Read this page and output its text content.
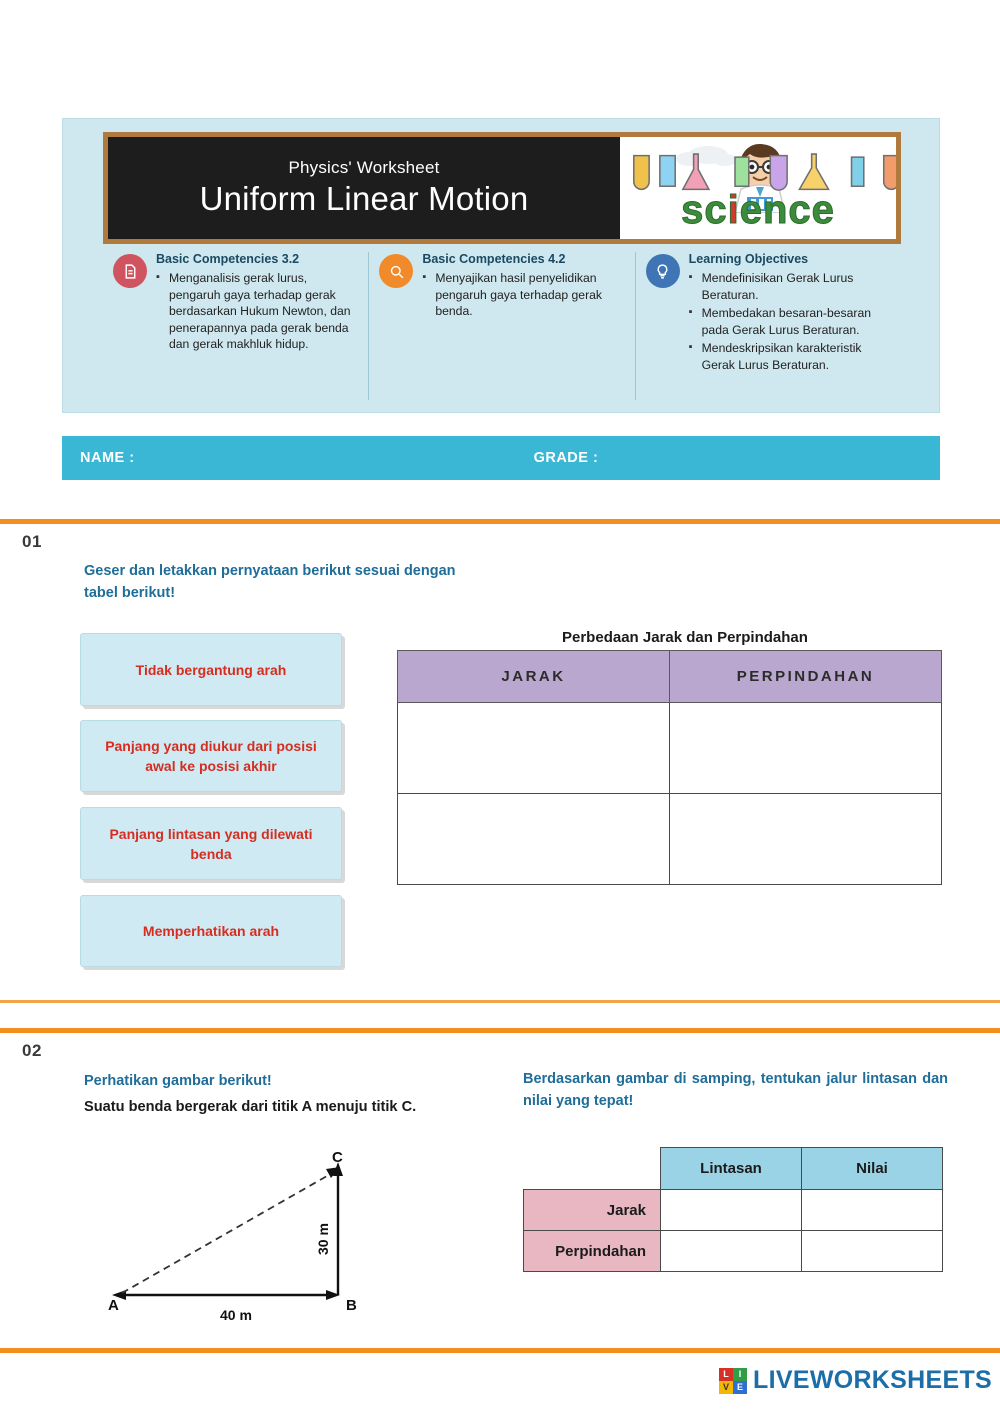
Physics' Worksheet
Uniform Linear Motion	science
Basic Competencies 3.2
▪ Menganalisis gerak lurus, pengaruh gaya terhadap gerak berdasarkan Hukum Newton, dan penerapannya pada gerak benda dan gerak makhluk hidup.
Basic Competencies 4.2
▪ Menyajikan hasil penyelidikan pengaruh gaya terhadap gerak benda.
Learning Objectives
▪ Mendefinisikan Gerak Lurus Beraturan.
▪ Membedakan besaran-besaran pada Gerak Lurus Beraturan.
▪ Mendeskripsikan karakteristik Gerak Lurus Beraturan.
NAME :	GRADE :
01
Geser dan letakkan pernyataan berikut sesuai dengan tabel berikut!
Tidak bergantung arah
Panjang yang diukur dari posisi awal ke posisi akhir
Panjang lintasan yang dilewati benda
Memperhatikan arah
Perbedaan Jarak dan Perpindahan
JARAK	PERPINDAHAN

02
Perhatikan gambar berikut!
Suatu benda bergerak dari titik A menuju titik C.
Berdasarkan gambar di samping, tentukan jalur lintasan dan nilai yang tepat!
A	B
C
40 m
30 m
	Lintasan	Nilai
Jarak		
Perpindahan		
L	I
V E LIVEWORKSHEETS
